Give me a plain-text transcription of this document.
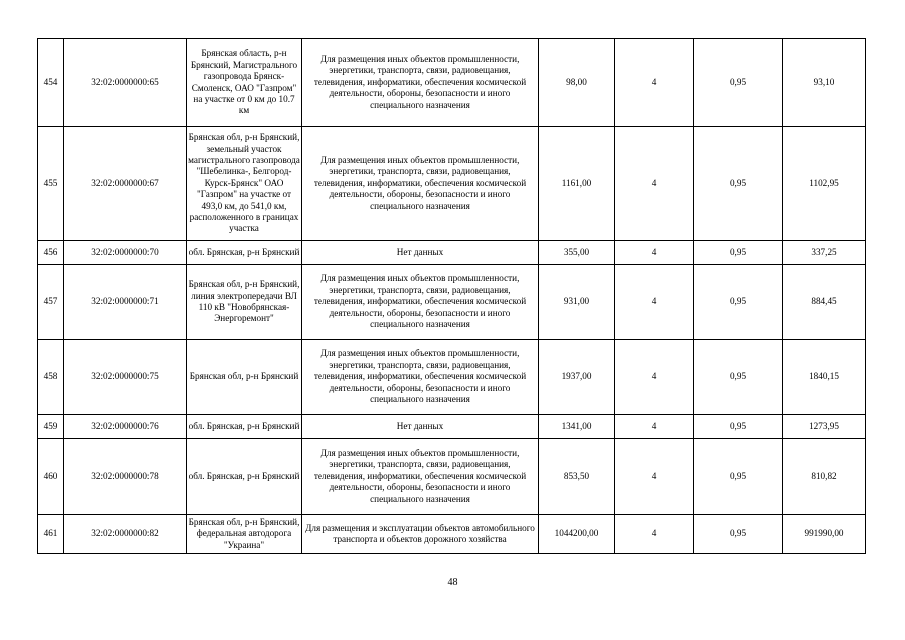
454	32:02:0000000:65	Брянская область, р-н Брянский, Магистрального газопровода Брянск-Смоленск, ОАО "Газпром" на участке от 0 км до 10.7 км	Для размещения иных объектов промышленности, энергетики, транспорта, связи, радиовещания, телевидения, информатики, обеспечения космической деятельности, обороны, безопасности и иного специального назначения	98,00	4	0,95	93,10
455	32:02:0000000:67	Брянская обл, р-н Брянский, земельный участок магистрального газопровода "Шебелинка-, Белгород-Курск-Брянск" ОАО "Газпром" на участке от 493,0 км, до 541,0 км, расположенного в границах участка	Для размещения иных объектов промышленности, энергетики, транспорта, связи, радиовещания, телевидения, информатики, обеспечения космической деятельности, обороны, безопасности и иного специального назначения	1161,00	4	0,95	1102,95
456	32:02:0000000:70	обл. Брянская, р-н Брянский	Нет данных	355,00	4	0,95	337,25
457	32:02:0000000:71	Брянская обл, р-н Брянский, линия электропередачи ВЛ 110 кВ "Новобрянская-Энергоремонт"	Для размещения иных объектов промышленности, энергетики, транспорта, связи, радиовещания, телевидения, информатики, обеспечения космической деятельности, обороны, безопасности и иного специального назначения	931,00	4	0,95	884,45
458	32:02:0000000:75	Брянская обл, р-н Брянский	Для размещения иных объектов промышленности, энергетики, транспорта, связи, радиовещания, телевидения, информатики, обеспечения космической деятельности, обороны, безопасности и иного специального назначения	1937,00	4	0,95	1840,15
459	32:02:0000000:76	обл. Брянская, р-н Брянский	Нет данных	1341,00	4	0,95	1273,95
460	32:02:0000000:78	обл. Брянская, р-н Брянский	Для размещения иных объектов промышленности, энергетики, транспорта, связи, радиовещания, телевидения, информатики, обеспечения космической деятельности, обороны, безопасности и иного специального назначения	853,50	4	0,95	810,82
461	32:02:0000000:82	Брянская обл, р-н Брянский, федеральная автодорога "Украина"	Для размещения и эксплуатации объектов автомобильного транспорта и объектов дорожного хозяйства	1044200,00	4	0,95	991990,00
48
